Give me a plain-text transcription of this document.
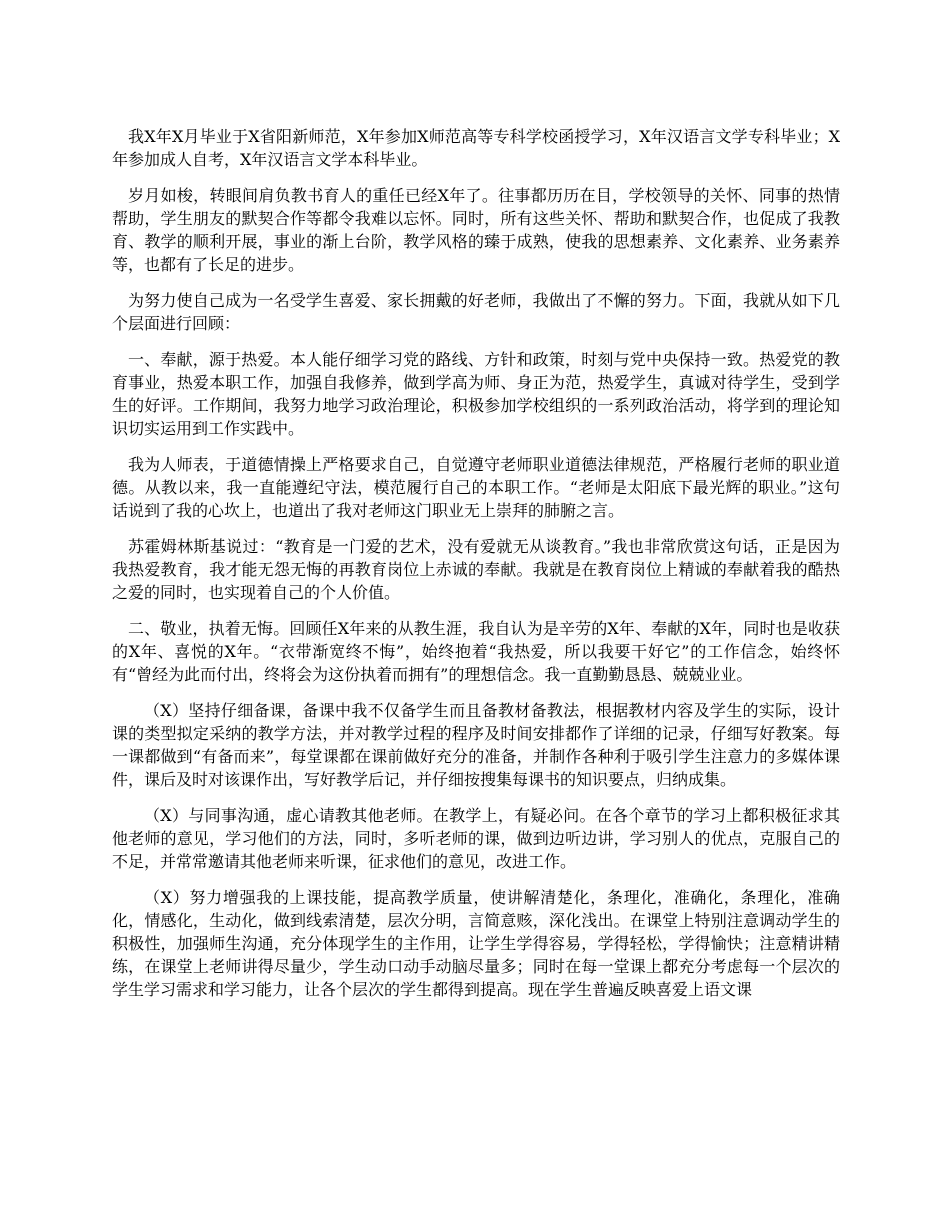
我X年X月毕业于X省阳新师范，X年参加X师范高等专科学校函授学习，X年汉语言文学专科毕业；X年参加成人自考，X年汉语言文学本科毕业。

岁月如梭，转眼间肩负教书育人的重任已经X年了。往事都历历在目，学校领导的关怀、同事的热情帮助，学生朋友的默契合作等都令我难以忘怀。同时，所有这些关怀、帮助和默契合作，也促成了我教育、教学的顺利开展，事业的渐上台阶，教学风格的臻于成熟，使我的思想素养、文化素养、业务素养等，也都有了长足的进步。

为努力使自己成为一名受学生喜爱、家长拥戴的好老师，我做出了不懈的努力。下面，我就从如下几个层面进行回顾：

一、奉献，源于热爱。本人能仔细学习党的路线、方针和政策，时刻与党中央保持一致。热爱党的教育事业，热爱本职工作，加强自我修养，做到学高为师、身正为范，热爱学生，真诚对待学生，受到学生的好评。工作期间，我努力地学习政治理论，积极参加学校组织的一系列政治活动，将学到的理论知识切实运用到工作实践中。

我为人师表，于道德情操上严格要求自己，自觉遵守老师职业道德法律规范，严格履行老师的职业道德。从教以来，我一直能遵纪守法，模范履行自己的本职工作。“老师是太阳底下最光辉的职业。”这句话说到了我的心坎上，也道出了我对老师这门职业无上崇拜的肺腑之言。

苏霍姆林斯基说过：“教育是一门爱的艺术，没有爱就无从谈教育。”我也非常欣赏这句话，正是因为我热爱教育，我才能无怨无悔的再教育岗位上赤诚的奉献。我就是在教育岗位上精诚的奉献着我的酷热之爱的同时，也实现着自己的个人价值。

二、敬业，执着无悔。回顾任X年来的从教生涯，我自认为是辛劳的X年、奉献的X年，同时也是收获的X年、喜悦的X年。“衣带渐宽终不悔”，始终抱着“我热爱，所以我要干好它”的工作信念，始终怀有“曾经为此而付出，终将会为这份执着而拥有”的理想信念。我一直勤勤恳恳、兢兢业业。

（X）坚持仔细备课，备课中我不仅备学生而且备教材备教法，根据教材内容及学生的实际，设计课的类型拟定采纳的教学方法，并对教学过程的程序及时间安排都作了详细的记录，仔细写好教案。每一课都做到“有备而来”，每堂课都在课前做好充分的准备，并制作各种利于吸引学生注意力的多媒体课件，课后及时对该课作出，写好教学后记，并仔细按搜集每课书的知识要点，归纳成集。

（X）与同事沟通，虚心请教其他老师。在教学上，有疑必问。在各个章节的学习上都积极征求其他老师的意见，学习他们的方法，同时，多听老师的课，做到边听边讲，学习别人的优点，克服自己的不足，并常常邀请其他老师来听课，征求他们的意见，改进工作。

（X）努力增强我的上课技能，提高教学质量，使讲解清楚化，条理化，准确化，条理化，准确化，情感化，生动化，做到线索清楚，层次分明，言简意赅，深化浅出。在课堂上特别注意调动学生的积极性，加强师生沟通，充分体现学生的主作用，让学生学得容易，学得轻松，学得愉快；注意精讲精练，在课堂上老师讲得尽量少，学生动口动手动脑尽量多；同时在每一堂课上都充分考虑每一个层次的学生学习需求和学习能力，让各个层次的学生都得到提高。现在学生普遍反映喜爱上语文课
